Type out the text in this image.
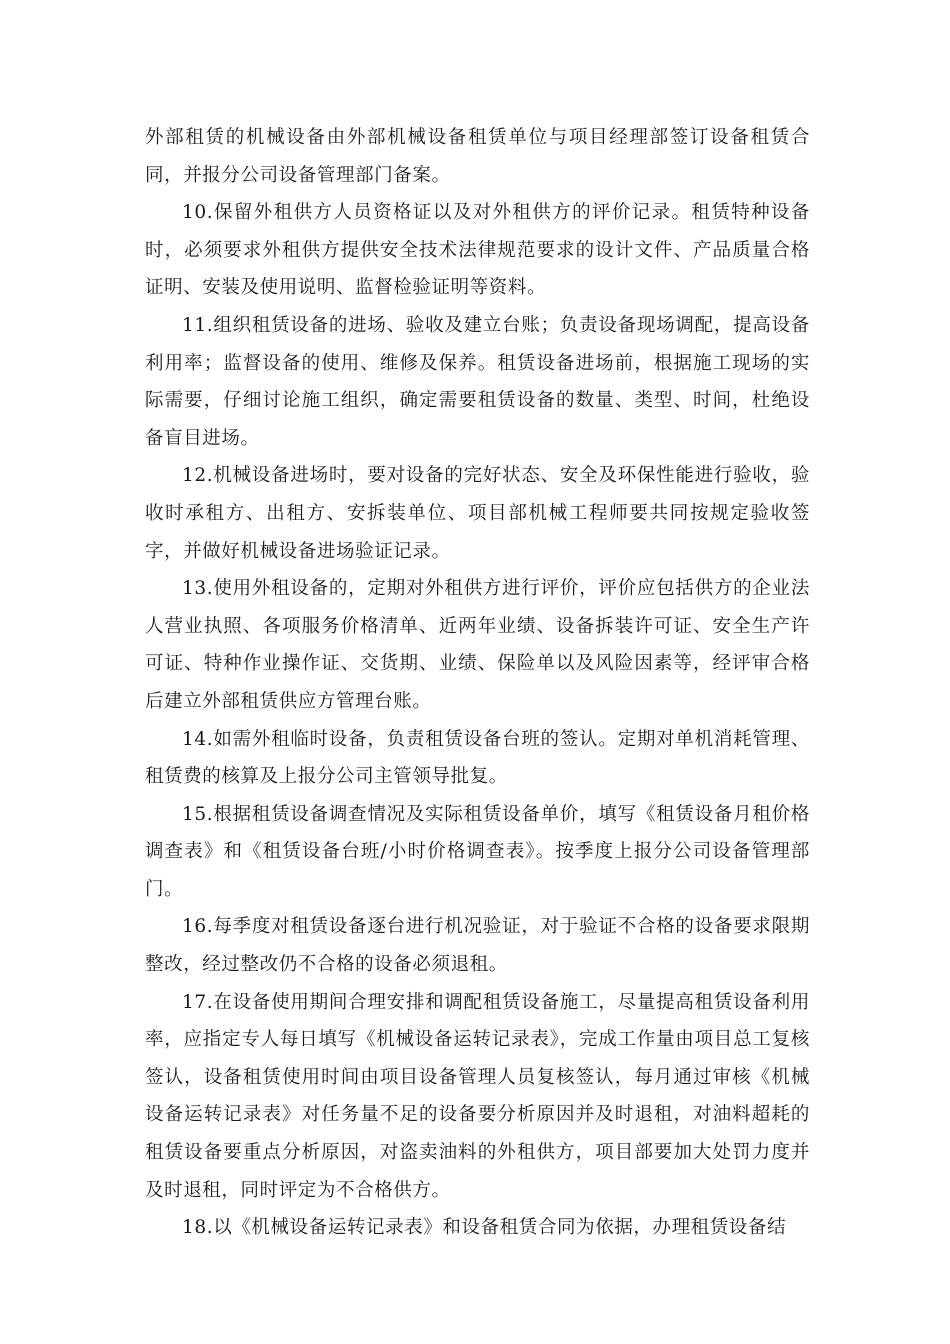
外部租赁的机械设备由外部机械设备租赁单位与项目经理部签订设备租赁合同，并报分公司设备管理部门备案。

10.保留外租供方人员资格证以及对外租供方的评价记录。租赁特种设备时，必须要求外租供方提供安全技术法律规范要求的设计文件、产品质量合格证明、安装及使用说明、监督检验证明等资料。

11.组织租赁设备的进场、验收及建立台账；负责设备现场调配，提高设备利用率；监督设备的使用、维修及保养。租赁设备进场前，根据施工现场的实际需要，仔细讨论施工组织，确定需要租赁设备的数量、类型、时间，杜绝设备盲目进场。

12.机械设备进场时，要对设备的完好状态、安全及环保性能进行验收，验收时承租方、出租方、安拆装单位、项目部机械工程师要共同按规定验收签字，并做好机械设备进场验证记录。

13.使用外租设备的，定期对外租供方进行评价，评价应包括供方的企业法人营业执照、各项服务价格清单、近两年业绩、设备拆装许可证、安全生产许可证、特种作业操作证、交货期、业绩、保险单以及风险因素等，经评审合格后建立外部租赁供应方管理台账。

14.如需外租临时设备，负责租赁设备台班的签认。定期对单机消耗管理、租赁费的核算及上报分公司主管领导批复。

15.根据租赁设备调查情况及实际租赁设备单价，填写《租赁设备月租价格调查表》和《租赁设备台班/小时价格调查表》。按季度上报分公司设备管理部门。

16.每季度对租赁设备逐台进行机况验证，对于验证不合格的设备要求限期整改，经过整改仍不合格的设备必须退租。

17.在设备使用期间合理安排和调配租赁设备施工，尽量提高租赁设备利用率，应指定专人每日填写《机械设备运转记录表》，完成工作量由项目总工复核签认，设备租赁使用时间由项目设备管理人员复核签认，每月通过审核《机械设备运转记录表》对任务量不足的设备要分析原因并及时退租，对油料超耗的租赁设备要重点分析原因，对盗卖油料的外租供方，项目部要加大处罚力度并及时退租，同时评定为不合格供方。

18.以《机械设备运转记录表》和设备租赁合同为依据，办理租赁设备结
